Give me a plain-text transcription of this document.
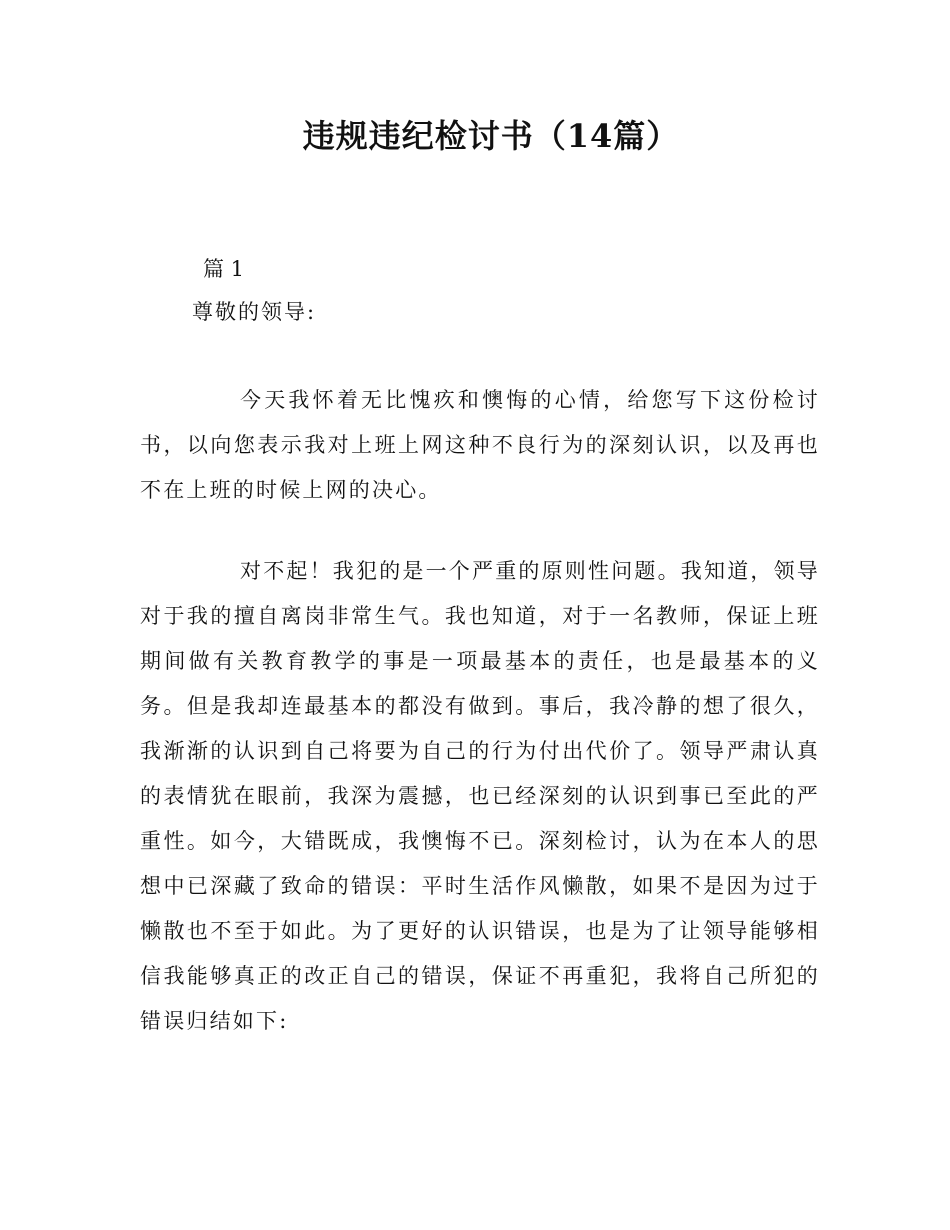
违规违纪检讨书（14篇）
篇 1
尊敬的领导:

今天我怀着无比愧疚和懊悔的心情，给您写下这份检讨书，以向您表示我对上班上网这种不良行为的深刻认识，以及再也不在上班的时候上网的决心。

对不起！我犯的是一个严重的原则性问题。我知道，领导对于我的擅自离岗非常生气。我也知道，对于一名教师，保证上班期间做有关教育教学的事是一项最基本的责任，也是最基本的义务。但是我却连最基本的都没有做到。事后，我冷静的想了很久，我渐渐的认识到自己将要为自己的行为付出代价了。领导严肃认真的表情犹在眼前，我深为震撼，也已经深刻的认识到事已至此的严重性。如今，大错既成，我懊悔不已。深刻检讨，认为在本人的思想中已深藏了致命的错误：平时生活作风懒散，如果不是因为过于懒散也不至于如此。为了更好的认识错误，也是为了让领导能够相信我能够真正的改正自己的错误，保证不再重犯，我将自己所犯的错误归结如下:
